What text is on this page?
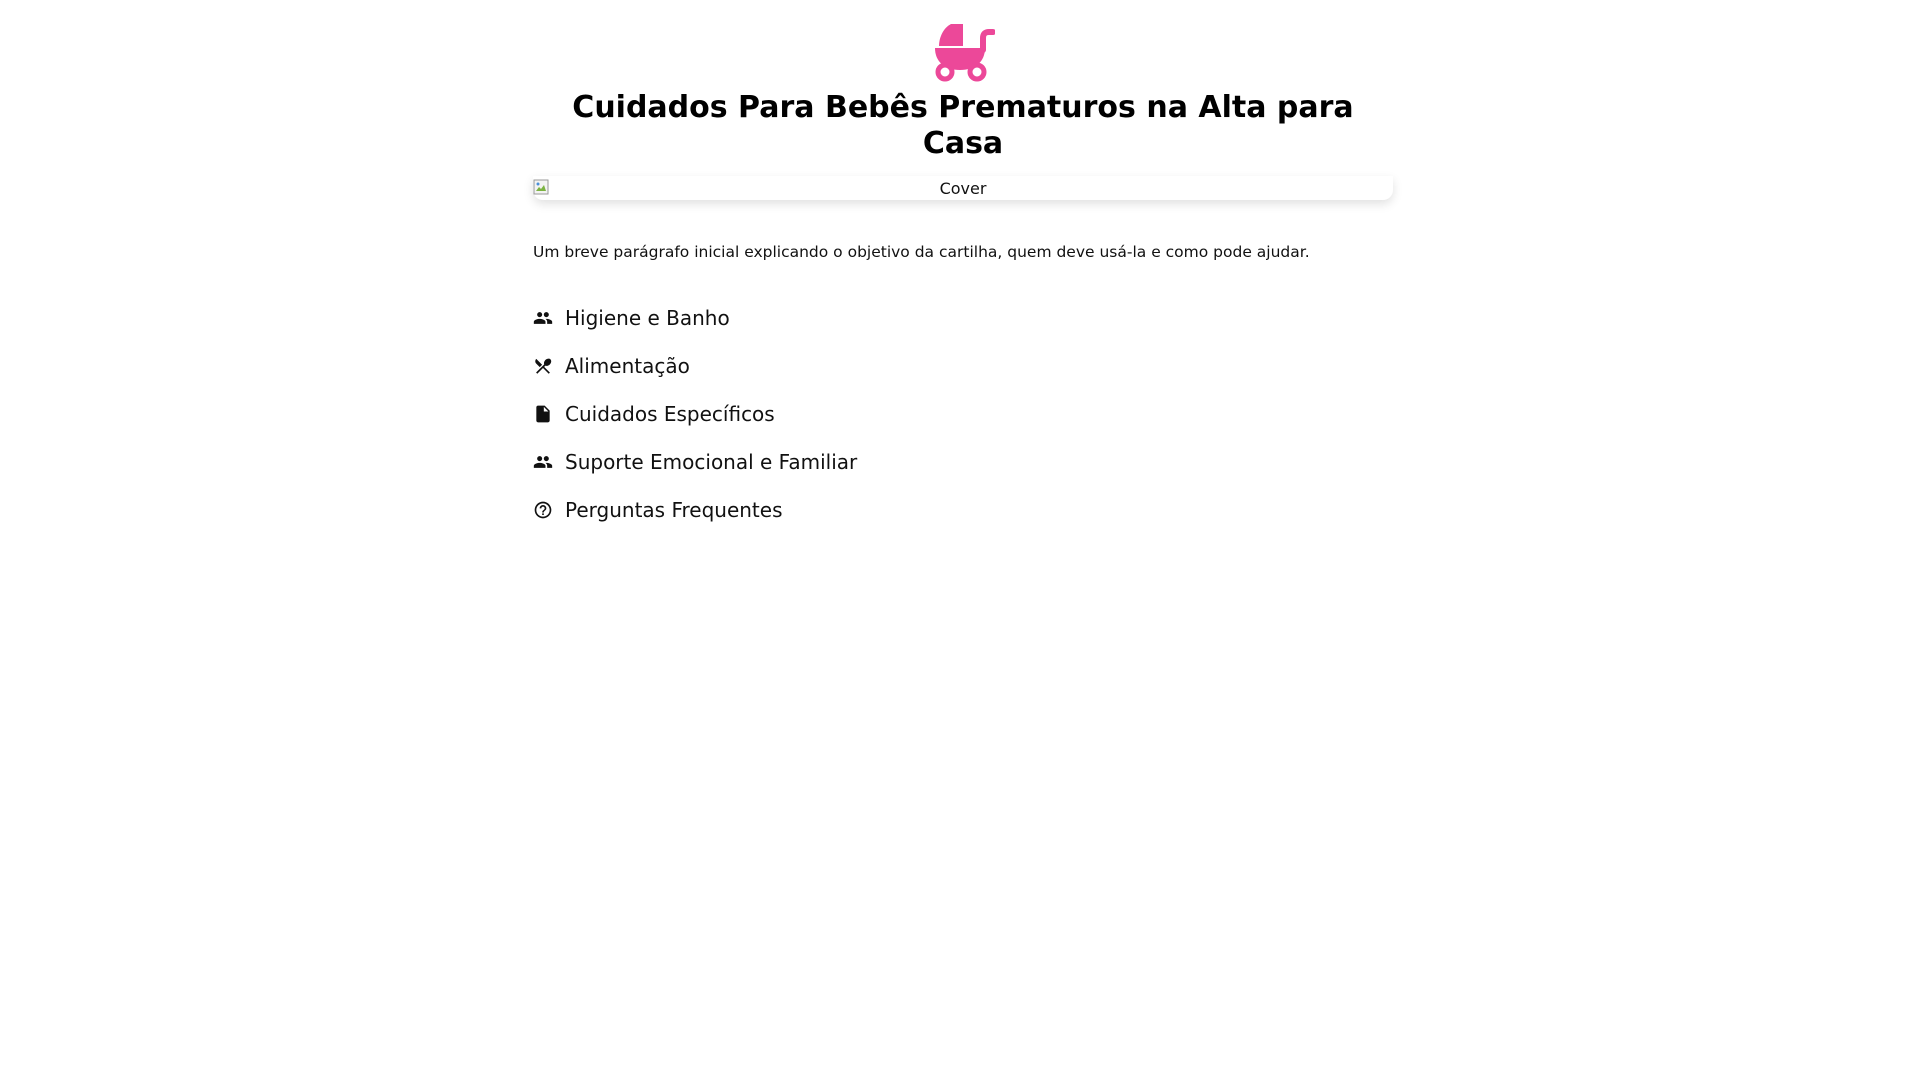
Cuidados Para Bebês Prematuros na Alta para Casa
Cover

Um breve parágrafo inicial explicando o objetivo da cartilha, quem deve usá-la e como pode ajudar.

Higiene e Banho
Alimentação
Cuidados Específicos
Suporte Emocional e Familiar
Perguntas Frequentes
